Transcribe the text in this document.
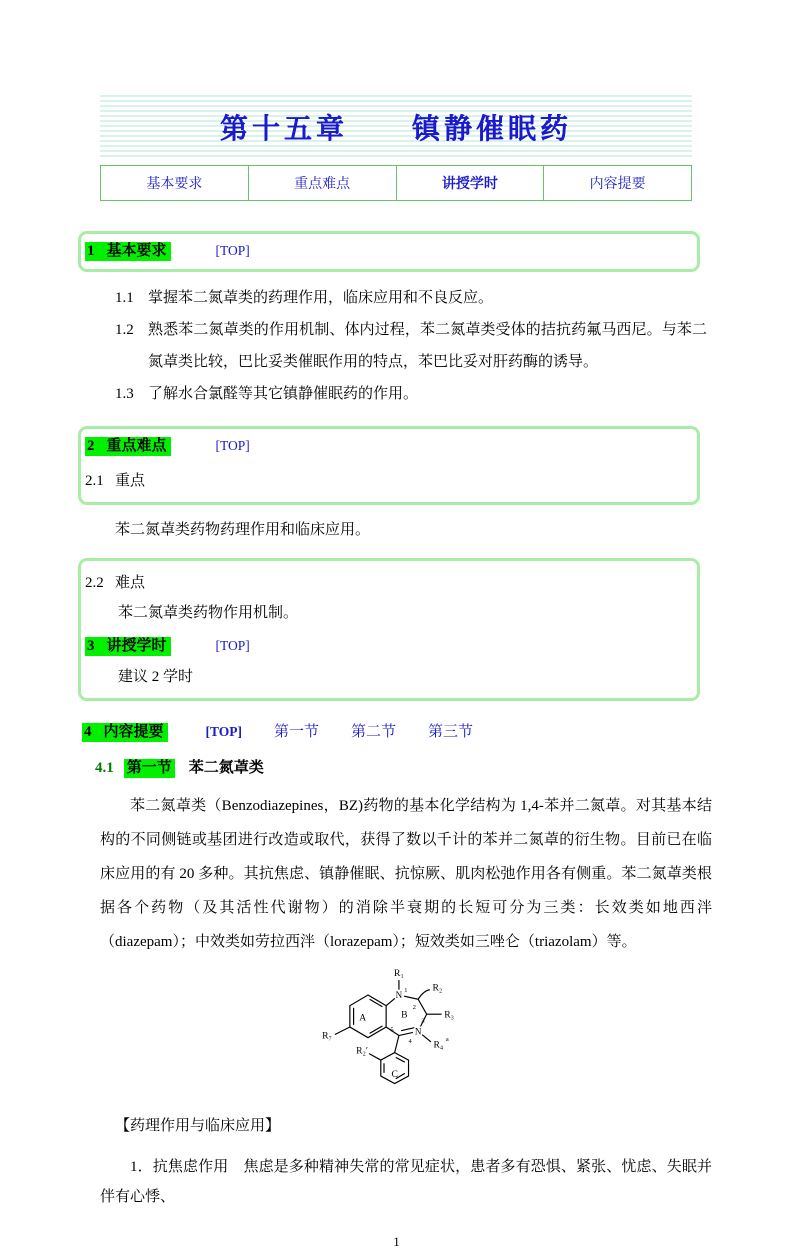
第十五章　　镇静催眠药
基本要求	重点难点	讲授学时	内容提要
1 基本要求	[TOP]
1.1 掌握苯二氮䓬类的药理作用，临床应用和不良反应。
1.2 熟悉苯二氮䓬类的作用机制、体内过程，苯二氮䓬类受体的拮抗药氟马西尼。与苯二氮䓬类比较，巴比妥类催眠作用的特点，苯巴比妥对肝药酶的诱导。
1.3 了解水合氯醛等其它镇静催眠药的作用。
2 重点难点	[TOP]
2.1 重点
苯二氮䓬类药物药理作用和临床应用。
2.2 难点
苯二氮䓬类药物作用机制。
3 讲授学时	[TOP]
建议 2 学时
4 内容提要	[TOP] 第一节 第二节 第三节
4.1 第一节 苯二氮䓬类
苯二氮䓬类（Benzodiazepines，BZ)药物的基本化学结构为 1,4-苯并二氮䓬。对其基本结构的不同侧链或基团进行改造或取代，获得了数以千计的苯并二氮䓬的衍生物。目前已在临床应用的有 20 多种。其抗焦虑、镇静催眠、抗惊厥、肌肉松弛作用各有侧重。苯二氮䓬类根据各个药物（及其活性代谢物）的消除半衰期的长短可分为三类：长效类如地西泮（diazepam）；中效类如劳拉西泮（lorazepam）；短效类如三唑仑（triazolam）等。
N
N
R₁
R₂
R₃
R₄ a
R₇
R₂′
A	B
C
1
2
3
4
5
【药理作用与临床应用】
1．抗焦虑作用　焦虑是多种精神失常的常见症状，患者多有恐惧、紧张、忧虑、失眠并伴有心悸、
1
